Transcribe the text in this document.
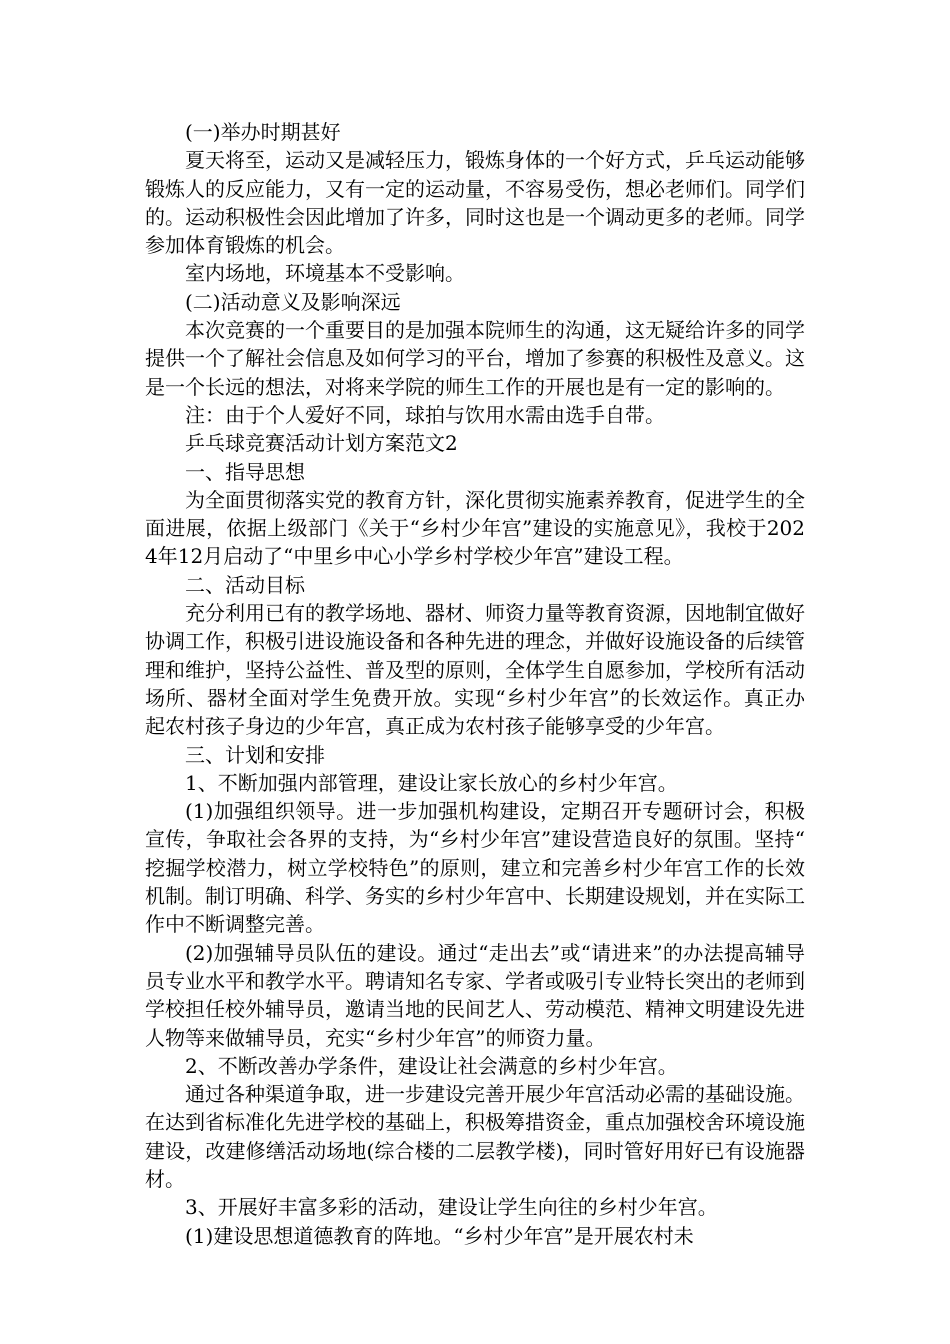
(一)举办时期甚好

夏天将至，运动又是减轻压力，锻炼身体的一个好方式，乒乓运动能够锻炼人的反应能力，又有一定的运动量，不容易受伤，想必老师们。同学们的。运动积极性会因此增加了许多，同时这也是一个调动更多的老师。同学参加体育锻炼的机会。

室内场地，环境基本不受影响。

(二)活动意义及影响深远

本次竞赛的一个重要目的是加强本院师生的沟通，这无疑给许多的同学提供一个了解社会信息及如何学习的平台，增加了参赛的积极性及意义。这是一个长远的想法，对将来学院的师生工作的开展也是有一定的影响的。

注：由于个人爱好不同，球拍与饮用水需由选手自带。

乒乓球竞赛活动计划方案范文2

一、指导思想

为全面贯彻落实党的教育方针，深化贯彻实施素养教育，促进学生的全面进展，依据上级部门《关于“乡村少年宫”建设的实施意见》，我校于2024年12月启动了“中里乡中心小学乡村学校少年宫”建设工程。

二、活动目标

充分利用已有的教学场地、器材、师资力量等教育资源，因地制宜做好协调工作，积极引进设施设备和各种先进的理念，并做好设施设备的后续管理和维护，坚持公益性、普及型的原则，全体学生自愿参加，学校所有活动场所、器材全面对学生免费开放。实现“乡村少年宫”的长效运作。真正办起农村孩子身边的少年宫，真正成为农村孩子能够享受的少年宫。

三、计划和安排

1、不断加强内部管理，建设让家长放心的乡村少年宫。

(1)加强组织领导。进一步加强机构建设，定期召开专题研讨会，积极宣传，争取社会各界的支持，为“乡村少年宫”建设营造良好的氛围。坚持“挖掘学校潜力，树立学校特色”的原则，建立和完善乡村少年宫工作的长效机制。制订明确、科学、务实的乡村少年宫中、长期建设规划，并在实际工作中不断调整完善。

(2)加强辅导员队伍的建设。通过“走出去”或“请进来”的办法提高辅导员专业水平和教学水平。聘请知名专家、学者或吸引专业特长突出的老师到学校担任校外辅导员，邀请当地的民间艺人、劳动模范、精神文明建设先进人物等来做辅导员，充实“乡村少年宫”的师资力量。

2、不断改善办学条件，建设让社会满意的乡村少年宫。

通过各种渠道争取，进一步建设完善开展少年宫活动必需的基础设施。在达到省标准化先进学校的基础上，积极筹措资金，重点加强校舍环境设施建设，改建修缮活动场地(综合楼的二层教学楼)，同时管好用好已有设施器材。

3、开展好丰富多彩的活动，建设让学生向往的乡村少年宫。

(1)建设思想道德教育的阵地。“乡村少年宫”是开展农村未
